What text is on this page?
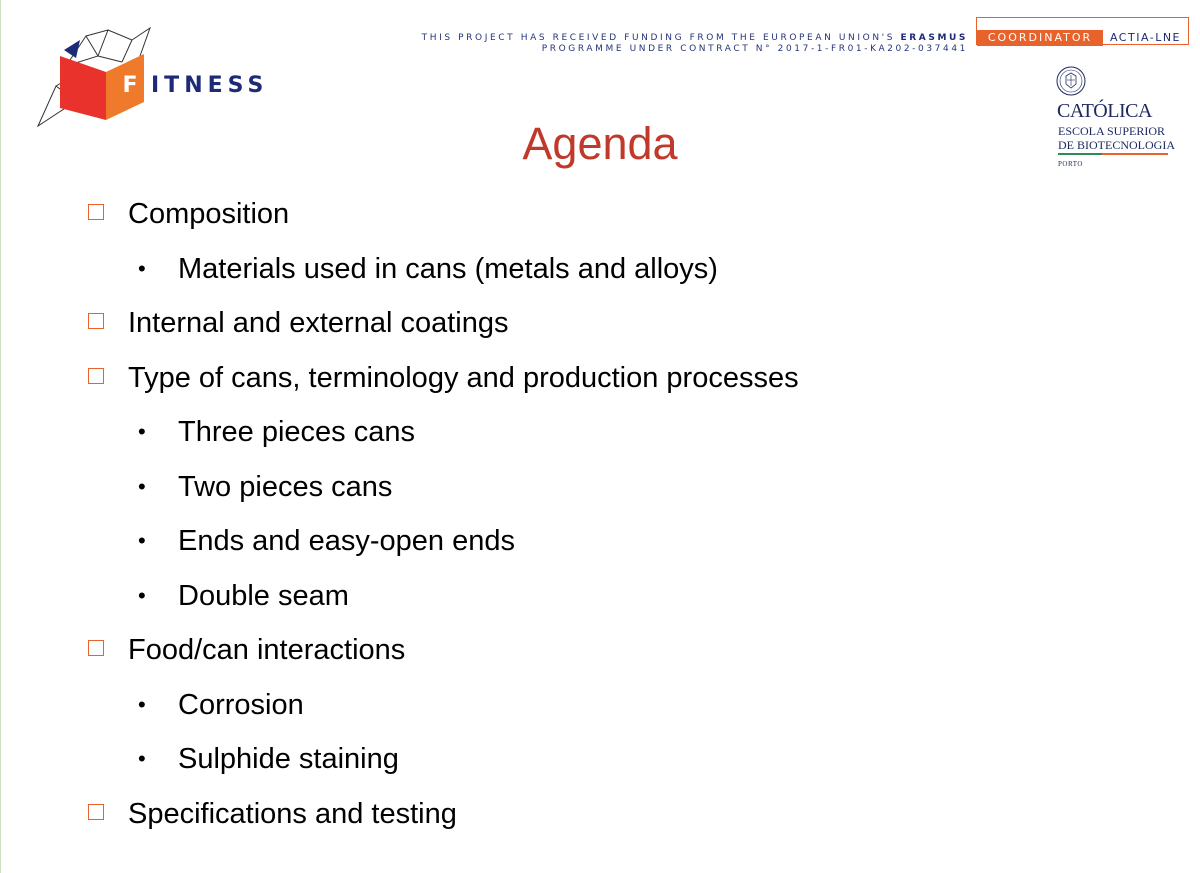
F ITNESS
THIS PROJECT HAS RECEIVED FUNDING FROM THE EUROPEAN UNION'S ERASMUS
PROGRAMME UNDER CONTRACT N° 2017-1-FR01-KA202-037441
COORDINATOR	ACTIA-LNE
CATÓLICA
ESCOLA SUPERIOR
DE BIOTECNOLOGIA
PORTO
Agenda
Composition
• Materials used in cans (metals and alloys)
Internal and external coatings
Type of cans, terminology and production processes
• Three pieces cans
• Two pieces cans
• Ends and easy-open ends
• Double seam
Food/can interactions
• Corrosion
• Sulphide staining
Specifications and testing
